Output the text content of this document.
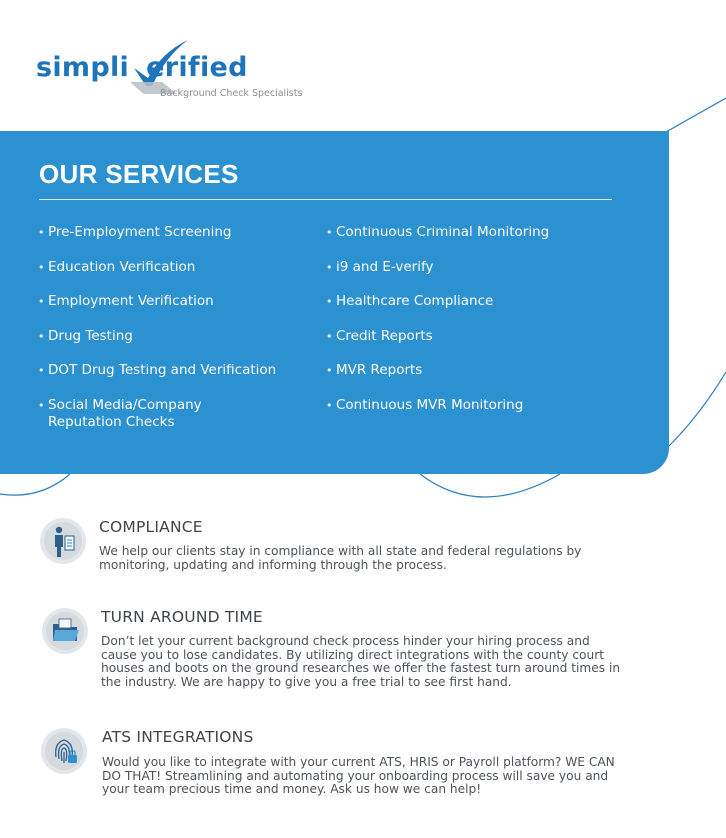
simpli erified
Background Check Specialists
OUR SERVICES
• Pre-Employment Screening
• Education Verification
• Employment Verification
• Drug Testing
• DOT Drug Testing and Verification
• Social Media/Company
Reputation Checks
• Continuous Criminal Monitoring
• i9 and E-verify
• Healthcare Compliance
• Credit Reports
• MVR Reports
• Continuous MVR Monitoring
COMPLIANCE

We help our clients stay in compliance with all state and federal regulations by monitoring, updating and informing through the process.

TURN AROUND TIME

Don’t let your current background check process hinder your hiring process and cause you to lose candidates. By utilizing direct integrations with the county court houses and boots on the ground researches we offer the fastest turn around times in the industry. We are happy to give you a free trial to see first hand.

ATS INTEGRATIONS

Would you like to integrate with your current ATS, HRIS or Payroll platform? WE CAN DO THAT! Streamlining and automating your onboarding process will save you and your team precious time and money. Ask us how we can help!
